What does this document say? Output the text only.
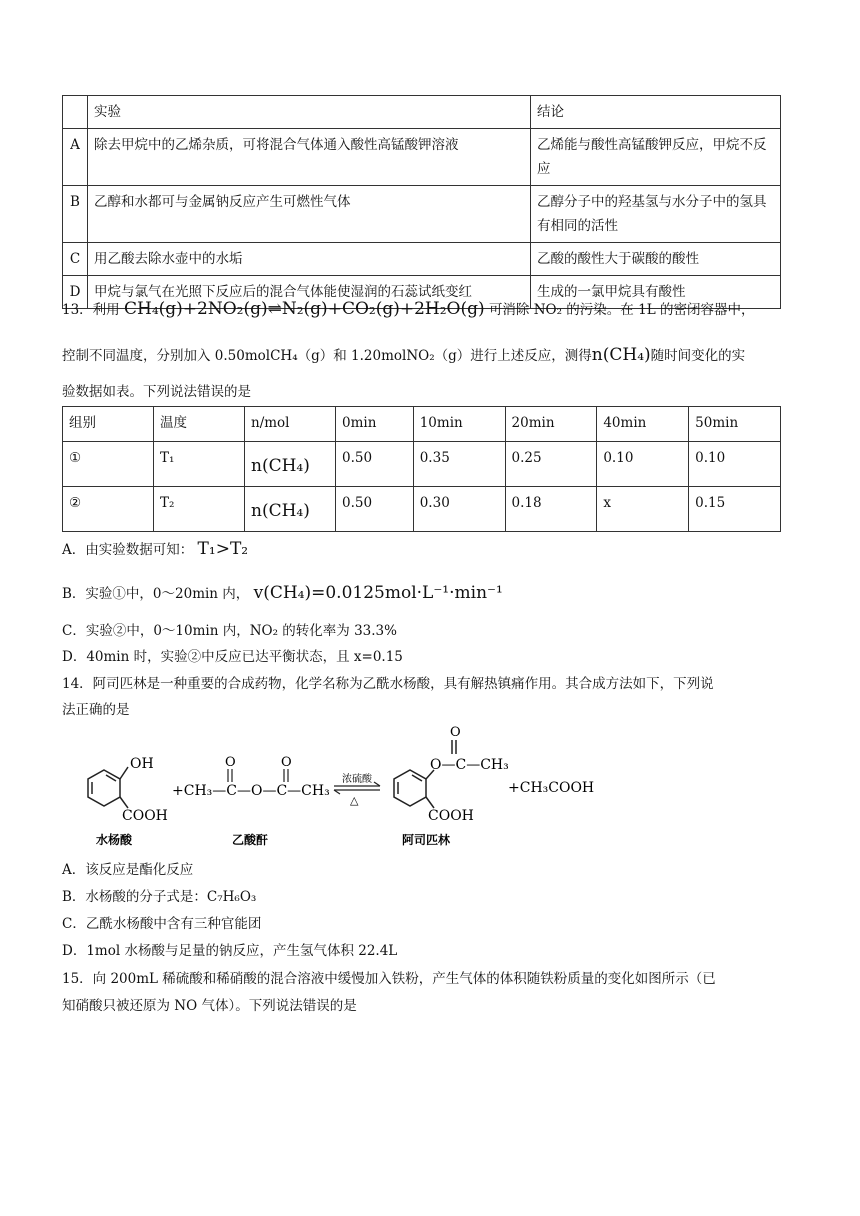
	实验	结论
A	除去甲烷中的乙烯杂质，可将混合气体通入酸性高锰酸钾溶液	乙烯能与酸性高锰酸钾反应，甲烷不反应
B	乙醇和水都可与金属钠反应产生可燃性气体	乙醇分子中的羟基氢与水分子中的氢具有相同的活性
C	用乙酸去除水壶中的水垢	乙酸的酸性大于碳酸的酸性
D	甲烷与氯气在光照下反应后的混合气体能使湿润的石蕊试纸变红	生成的一氯甲烷具有酸性
13．利用 CH₄(g)+2NO₂(g)⇌N₂(g)+CO₂(g)+2H₂O(g) 可消除 NO₂ 的污染。在 1L 的密闭容器中，
控制不同温度，分别加入 0.50molCH₄（g）和 1.20molNO₂（g）进行上述反应，测得n(CH₄)随时间变化的实
验数据如表。下列说法错误的是
组别	温度	n/mol	0min	10min	20min	40min	50min
①	T₁	n(CH₄)	0.50	0.35	0.25	0.10	0.10
②	T₂	n(CH₄)	0.50	0.30	0.18	x	0.15
A．由实验数据可知： T₁>T₂
B．实验①中，0～20min 内， v(CH₄)=0.0125mol·L⁻¹·min⁻¹
C．实验②中，0～10min 内，NO₂ 的转化率为 33.3%
D．40min 时，实验②中反应已达平衡状态，且 x=0.15
14．阿司匹林是一种重要的合成药物，化学名称为乙酰水杨酸，具有解热镇痛作用。其合成方法如下，下列说
法正确的是
OH
COOH
水杨酸
+CH₃—C—O—C—CH₃
O	O
乙酸酐
浓硫酸
△
O
O—C—CH₃
COOH
阿司匹林
+CH₃COOH
A．该反应是酯化反应
B．水杨酸的分子式是：C₇H₆O₃
C．乙酰水杨酸中含有三种官能团
D．1mol 水杨酸与足量的钠反应，产生氢气体积 22.4L
15．向 200mL 稀硫酸和稀硝酸的混合溶液中缓慢加入铁粉，产生气体的体积随铁粉质量的变化如图所示（已
知硝酸只被还原为 NO 气体）。下列说法错误的是
